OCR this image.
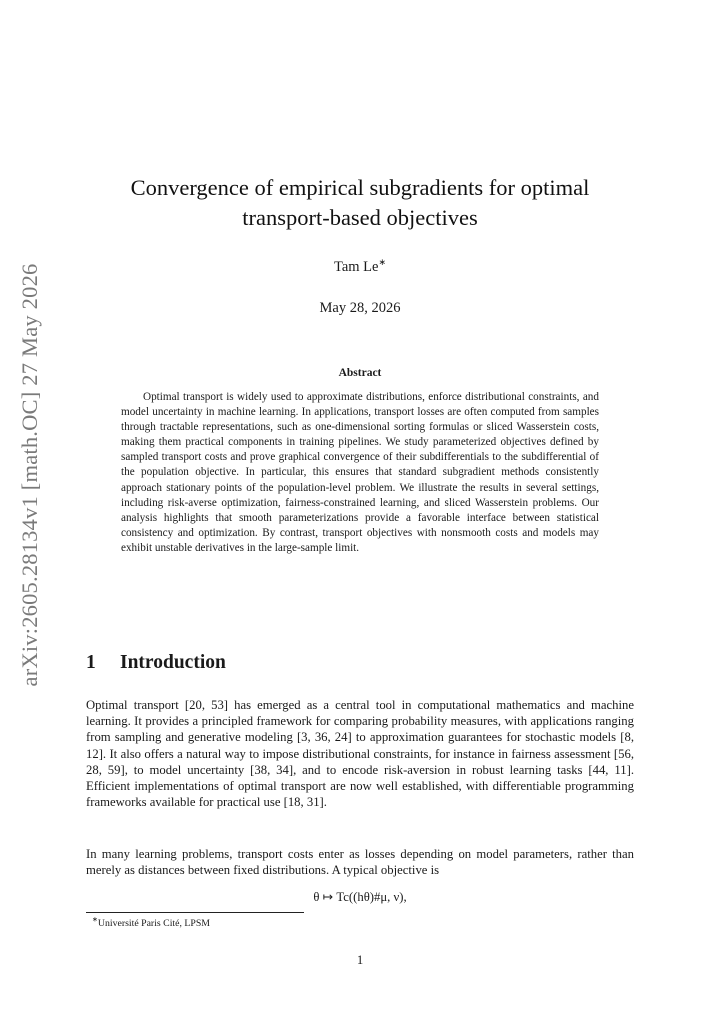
arXiv:2605.28134v1 [math.OC] 27 May 2026
Convergence of empirical subgradients for optimal
transport-based objectives
Tam Le∗
May 28, 2026
Abstract

Optimal transport is widely used to approximate distributions, enforce distributional constraints, and model uncertainty in machine learning. In applications, transport losses are often computed from samples through tractable representations, such as one-dimensional sorting formulas or sliced Wasserstein costs, making them practical components in training pipelines. We study parameterized objectives defined by sampled transport costs and prove graphical convergence of their subdifferentials to the subdifferential of the population objective. In particular, this ensures that standard subgradient methods consistently approach stationary points of the population-level problem. We illustrate the results in several settings, including risk-averse optimization, fairness-constrained learning, and sliced Wasserstein problems. Our analysis highlights that smooth parameterizations provide a favorable interface between statistical consistency and optimization. By contrast, transport objectives with nonsmooth costs and models may exhibit unstable derivatives in the large-sample limit.

1 Introduction

Optimal transport [20, 53] has emerged as a central tool in computational mathematics and machine learning. It provides a principled framework for comparing probability measures, with applications ranging from sampling and generative modeling [3, 36, 24] to approximation guarantees for stochastic models [8, 12]. It also offers a natural way to impose distributional constraints, for instance in fairness assessment [56, 28, 59], to model uncertainty [38, 34], and to encode risk-aversion in robust learning tasks [44, 11]. Efficient implementations of optimal transport are now well established, with differentiable programming frameworks available for practical use [18, 31].

In many learning problems, transport costs enter as losses depending on model parameters, rather than merely as distances between fixed distributions. A typical objective is

θ ↦ Tc((hθ)#μ, ν),
∗Université Paris Cité, LPSM
1
